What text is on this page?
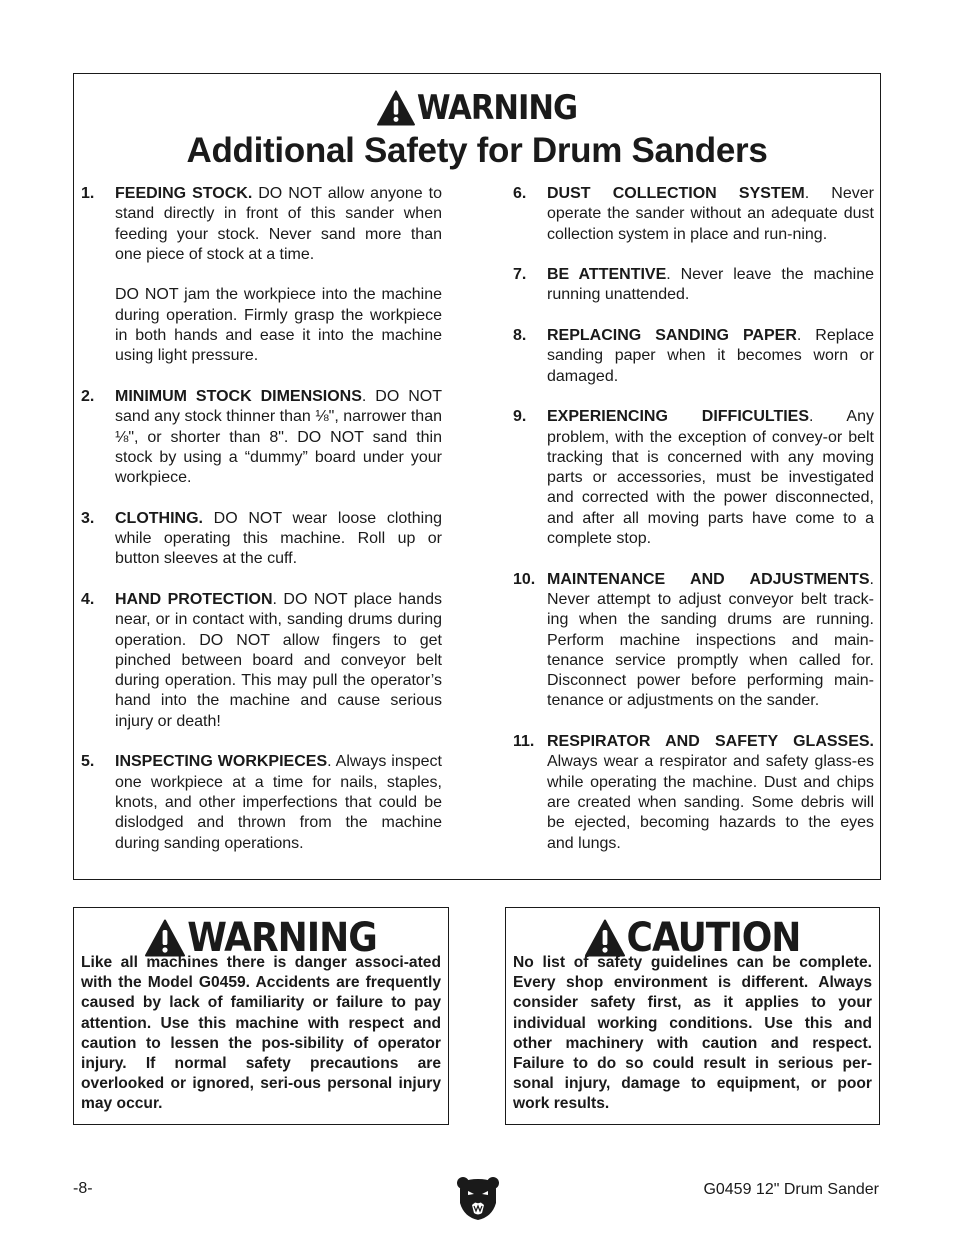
WARNING
Additional Safety for Drum Sanders
1.	FEEDING STOCK. DO NOT allow anyone to stand directly in front of this sander when feeding your stock. Never sand more than one piece of stock at a time.

DO NOT jam the workpiece into the machine during operation. Firmly grasp the workpiece in both hands and ease it into the machine using light pressure.

2.	MINIMUM STOCK DIMENSIONS. DO NOT sand any stock thinner than ⅛", narrower than ⅛", or shorter than 8". DO NOT sand thin stock by using a “dummy” board under your workpiece.

3.	CLOTHING. DO NOT wear loose clothing while operating this machine. Roll up or button sleeves at the cuff.

4.	HAND PROTECTION. DO NOT place hands near, or in contact with, sanding drums during operation. DO NOT allow fingers to get pinched between board and conveyor belt during operation. This may pull the operator’s hand into the machine and cause serious injury or death!

5.	INSPECTING WORKPIECES. Always inspect one workpiece at a time for nails, staples, knots, and other imperfections that could be dislodged and thrown from the machine during sanding operations.

6.	DUST COLLECTION SYSTEM. Never operate the sander without an adequate dust collection system in place and run-ning.

7.	BE ATTENTIVE. Never leave the machine running unattended.

8.	REPLACING SANDING PAPER. Replace sanding paper when it becomes worn or damaged.

9.	EXPERIENCING DIFFICULTIES. Any problem, with the exception of convey-or belt tracking that is concerned with any moving parts or accessories, must be investigated and corrected with the power disconnected, and after all moving parts have come to a complete stop.

10. MAINTENANCE AND ADJUSTMENTS. Never attempt to adjust conveyor belt track-ing when the sanding drums are running. Perform machine inspections and main-tenance service promptly when called for. Disconnect power before performing main-tenance or adjustments on the sander.

11. RESPIRATOR AND SAFETY GLASSES. Always wear a respirator and safety glass-es while operating the machine. Dust and chips are created when sanding. Some debris will be ejected, becoming hazards to the eyes and lungs.

WARNING
Like all machines there is danger associ-ated with the Model G0459. Accidents are frequently caused by lack of familiarity or failure to pay attention. Use this machine with respect and caution to lessen the pos-sibility of operator injury. If normal safety precautions are overlooked or ignored, seri-ous personal injury may occur.
CAUTION
No list of safety guidelines can be complete. Every shop environment is different. Always consider safety first, as it applies to your individual working conditions. Use this and other machinery with caution and respect. Failure to do so could result in serious per-sonal injury, damage to equipment, or poor work results.
-8-	G0459 12" Drum Sander
